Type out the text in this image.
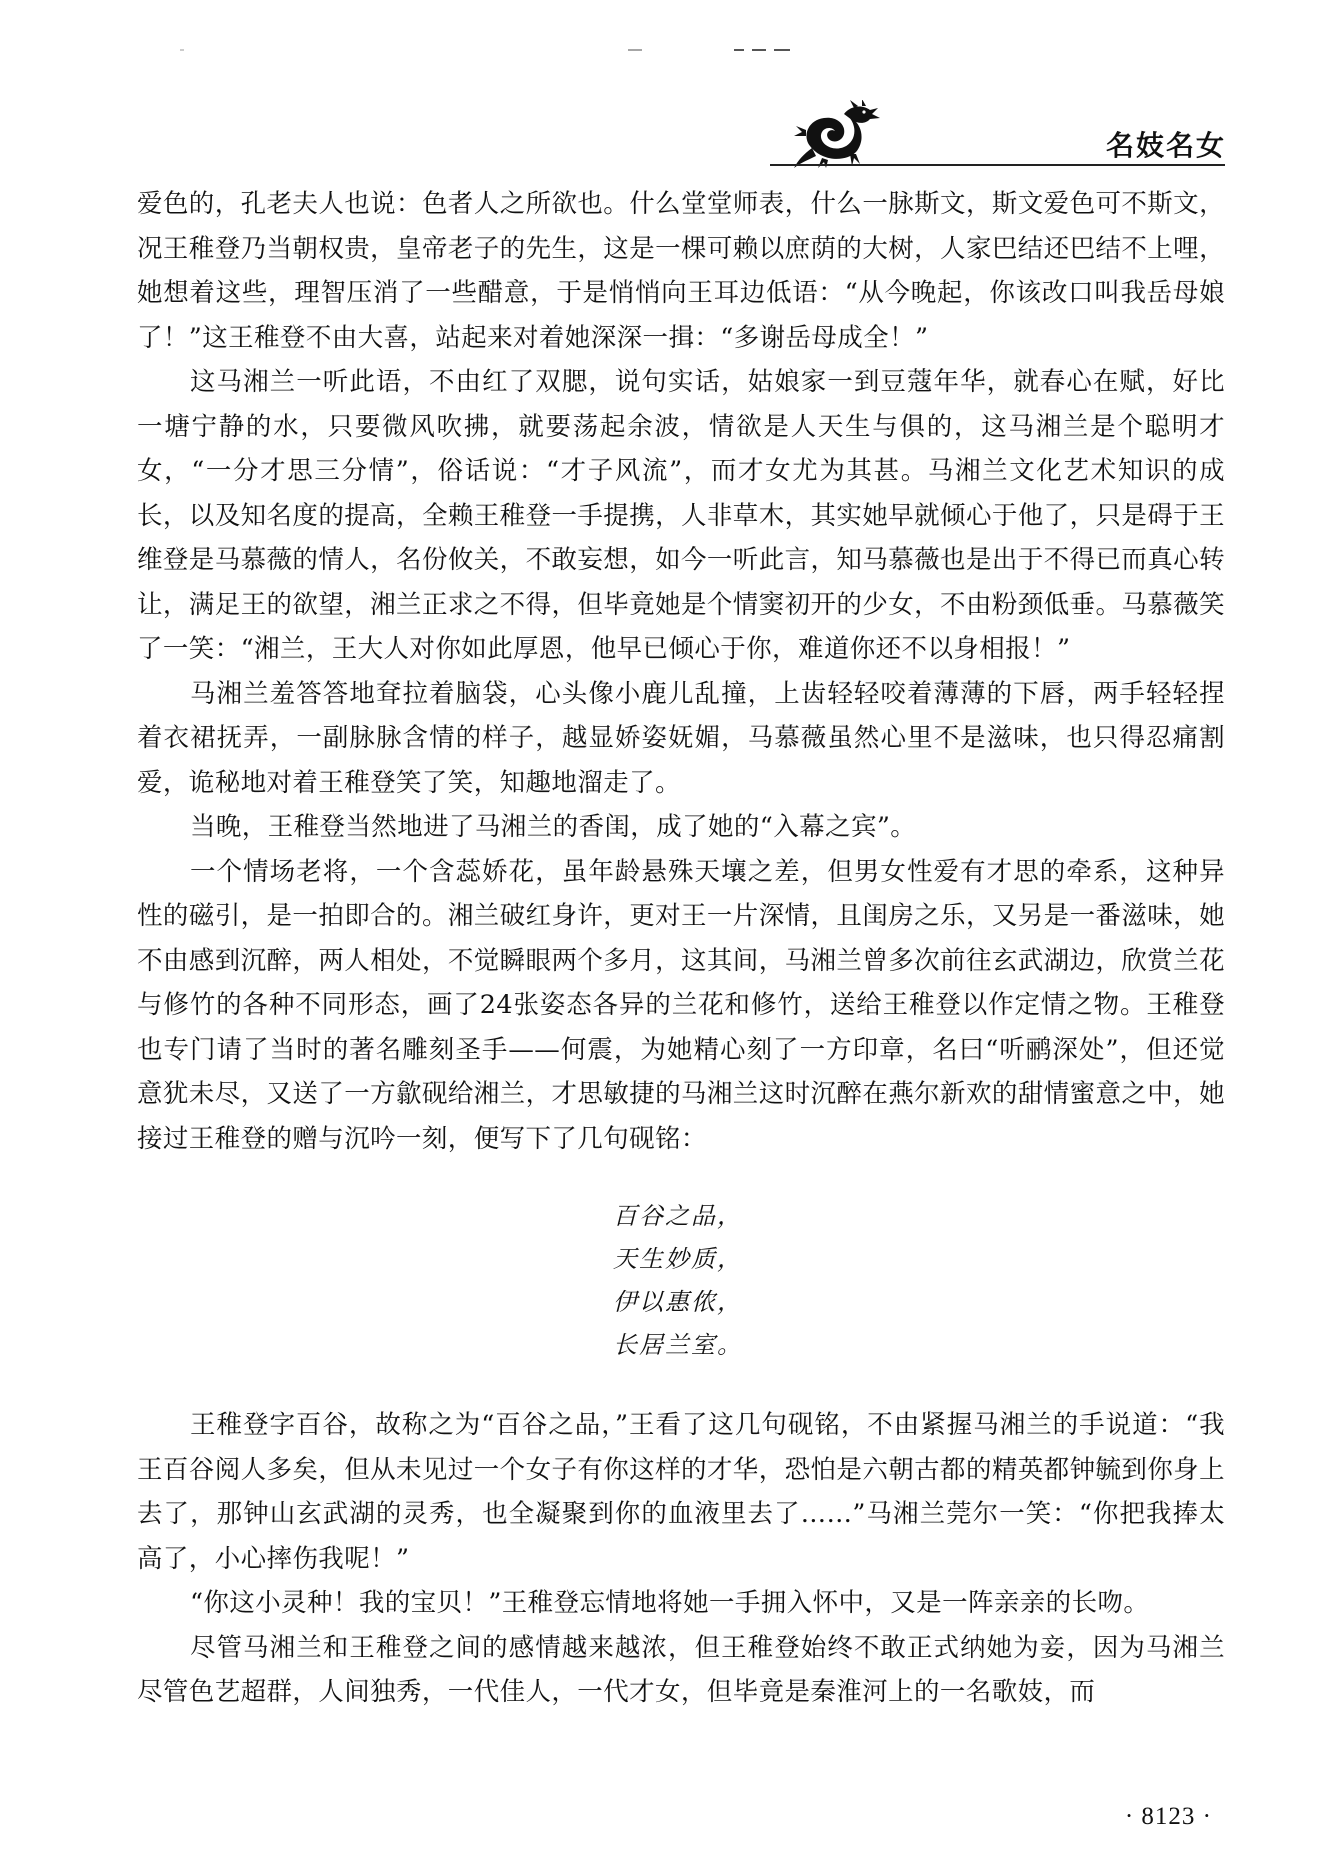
名妓名女

爱色的，孔老夫人也说：色者人之所欲也。什么堂堂师表，什么一脉斯文，斯文爱色可不斯文，况王稚登乃当朝权贵，皇帝老子的先生，这是一棵可赖以庶荫的大树，人家巴结还巴结不上哩，她想着这些，理智压消了一些醋意，于是悄悄向王耳边低语：“从今晚起，你该改口叫我岳母娘了！”这王稚登不由大喜，站起来对着她深深一揖：“多谢岳母成全！”

这马湘兰一听此语，不由红了双腮，说句实话，姑娘家一到豆蔻年华，就春心在赋，好比一塘宁静的水，只要微风吹拂，就要荡起余波，情欲是人天生与俱的，这马湘兰是个聪明才女，“一分才思三分情”，俗话说：“才子风流”，而才女尤为其甚。马湘兰文化艺术知识的成长，以及知名度的提高，全赖王稚登一手提携，人非草木，其实她早就倾心于他了，只是碍于王维登是马慕薇的情人，名份攸关，不敢妄想，如今一听此言，知马慕薇也是出于不得已而真心转让，满足王的欲望，湘兰正求之不得，但毕竟她是个情窦初开的少女，不由粉颈低垂。马慕薇笑了一笑：“湘兰，王大人对你如此厚恩，他早已倾心于你，难道你还不以身相报！”

马湘兰羞答答地耷拉着脑袋，心头像小鹿儿乱撞，上齿轻轻咬着薄薄的下唇，两手轻轻捏着衣裙抚弄，一副脉脉含情的样子，越显娇姿妩媚，马慕薇虽然心里不是滋味，也只得忍痛割爱，诡秘地对着王稚登笑了笑，知趣地溜走了。

当晚，王稚登当然地进了马湘兰的香闺，成了她的“入幕之宾”。

一个情场老将，一个含蕊娇花，虽年龄悬殊天壤之差，但男女性爱有才思的牵系，这种异性的磁引，是一拍即合的。湘兰破红身许，更对王一片深情，且闺房之乐，又另是一番滋味，她不由感到沉醉，两人相处，不觉瞬眼两个多月，这其间，马湘兰曾多次前往玄武湖边，欣赏兰花与修竹的各种不同形态，画了24张姿态各异的兰花和修竹，送给王稚登以作定情之物。王稚登也专门请了当时的著名雕刻圣手——何震，为她精心刻了一方印章，名曰“听鹂深处”，但还觉意犹未尽，又送了一方歙砚给湘兰，才思敏捷的马湘兰这时沉醉在燕尔新欢的甜情蜜意之中，她接过王稚登的赠与沉吟一刻，便写下了几句砚铭：

百谷之品，
天生妙质，
伊以惠侬，
长居兰室。

王稚登字百谷，故称之为“百谷之品，”王看了这几句砚铭，不由紧握马湘兰的手说道：“我王百谷阅人多矣，但从未见过一个女子有你这样的才华，恐怕是六朝古都的精英都钟毓到你身上去了，那钟山玄武湖的灵秀，也全凝聚到你的血液里去了……”马湘兰莞尔一笑：“你把我捧太高了，小心摔伤我呢！”

“你这小灵种！我的宝贝！”王稚登忘情地将她一手拥入怀中，又是一阵亲亲的长吻。

尽管马湘兰和王稚登之间的感情越来越浓，但王稚登始终不敢正式纳她为妾，因为马湘兰尽管色艺超群，人间独秀，一代佳人，一代才女，但毕竟是秦淮河上的一名歌妓，而

· 8123 ·
